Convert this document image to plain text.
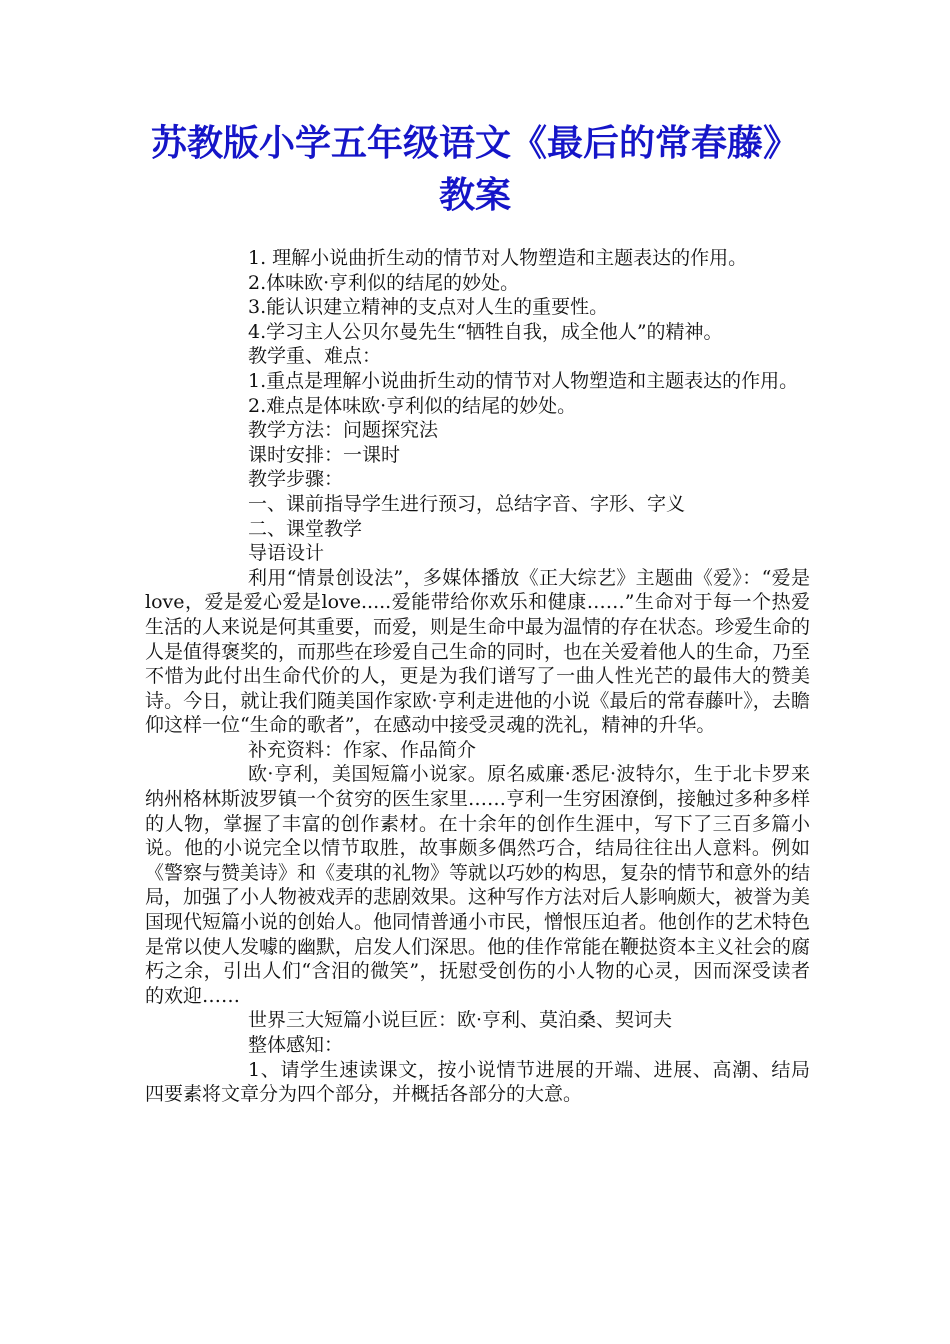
苏教版小学五年级语文《最后的常春藤》教案

1. 理解小说曲折生动的情节对人物塑造和主题表达的作用。

2.体味欧·亨利似的结尾的妙处。

3.能认识建立精神的支点对人生的重要性。

4.学习主人公贝尔曼先生“牺牲自我，成全他人”的精神。

教学重、难点：

1.重点是理解小说曲折生动的情节对人物塑造和主题表达的作用。

2.难点是体味欧·亨利似的结尾的妙处。

教学方法：问题探究法

课时安排：一课时

教学步骤：

一、课前指导学生进行预习，总结字音、字形、字义

二、课堂教学

导语设计

利用“情景创设法”，多媒体播放《正大综艺》主题曲《爱》：“爱是love，爱是爱心爱是love.....爱能带给你欢乐和健康……”生命对于每一个热爱生活的人来说是何其重要，而爱，则是生命中最为温情的存在状态。珍爱生命的人是值得褒奖的，而那些在珍爱自己生命的同时，也在关爱着他人的生命，乃至不惜为此付出生命代价的人，更是为我们谱写了一曲人性光芒的最伟大的赞美诗。今日，就让我们随美国作家欧·亨利走进他的小说《最后的常春藤叶》，去瞻仰这样一位“生命的歌者”，在感动中接受灵魂的洗礼，精神的升华。

补充资料：作家、作品简介

欧·亨利，美国短篇小说家。原名威廉·悉尼·波特尔，生于北卡罗来纳州格林斯波罗镇一个贫穷的医生家里……亨利一生穷困潦倒，接触过多种多样的人物，掌握了丰富的创作素材。在十余年的创作生涯中，写下了三百多篇小说。他的小说完全以情节取胜，故事颇多偶然巧合，结局往往出人意料。例如《警察与赞美诗》和《麦琪的礼物》等就以巧妙的构思，复杂的情节和意外的结局，加强了小人物被戏弄的悲剧效果。这种写作方法对后人影响颇大，被誉为美国现代短篇小说的创始人。他同情普通小市民，憎恨压迫者。他创作的艺术特色是常以使人发噱的幽默，启发人们深思。他的佳作常能在鞭挞资本主义社会的腐朽之余，引出人们“含泪的微笑”，抚慰受创伤的小人物的心灵，因而深受读者的欢迎……

世界三大短篇小说巨匠：欧·亨利、莫泊桑、契诃夫

整体感知：

1、请学生速读课文，按小说情节进展的开端、进展、高潮、结局四要素将文章分为四个部分，并概括各部分的大意。
